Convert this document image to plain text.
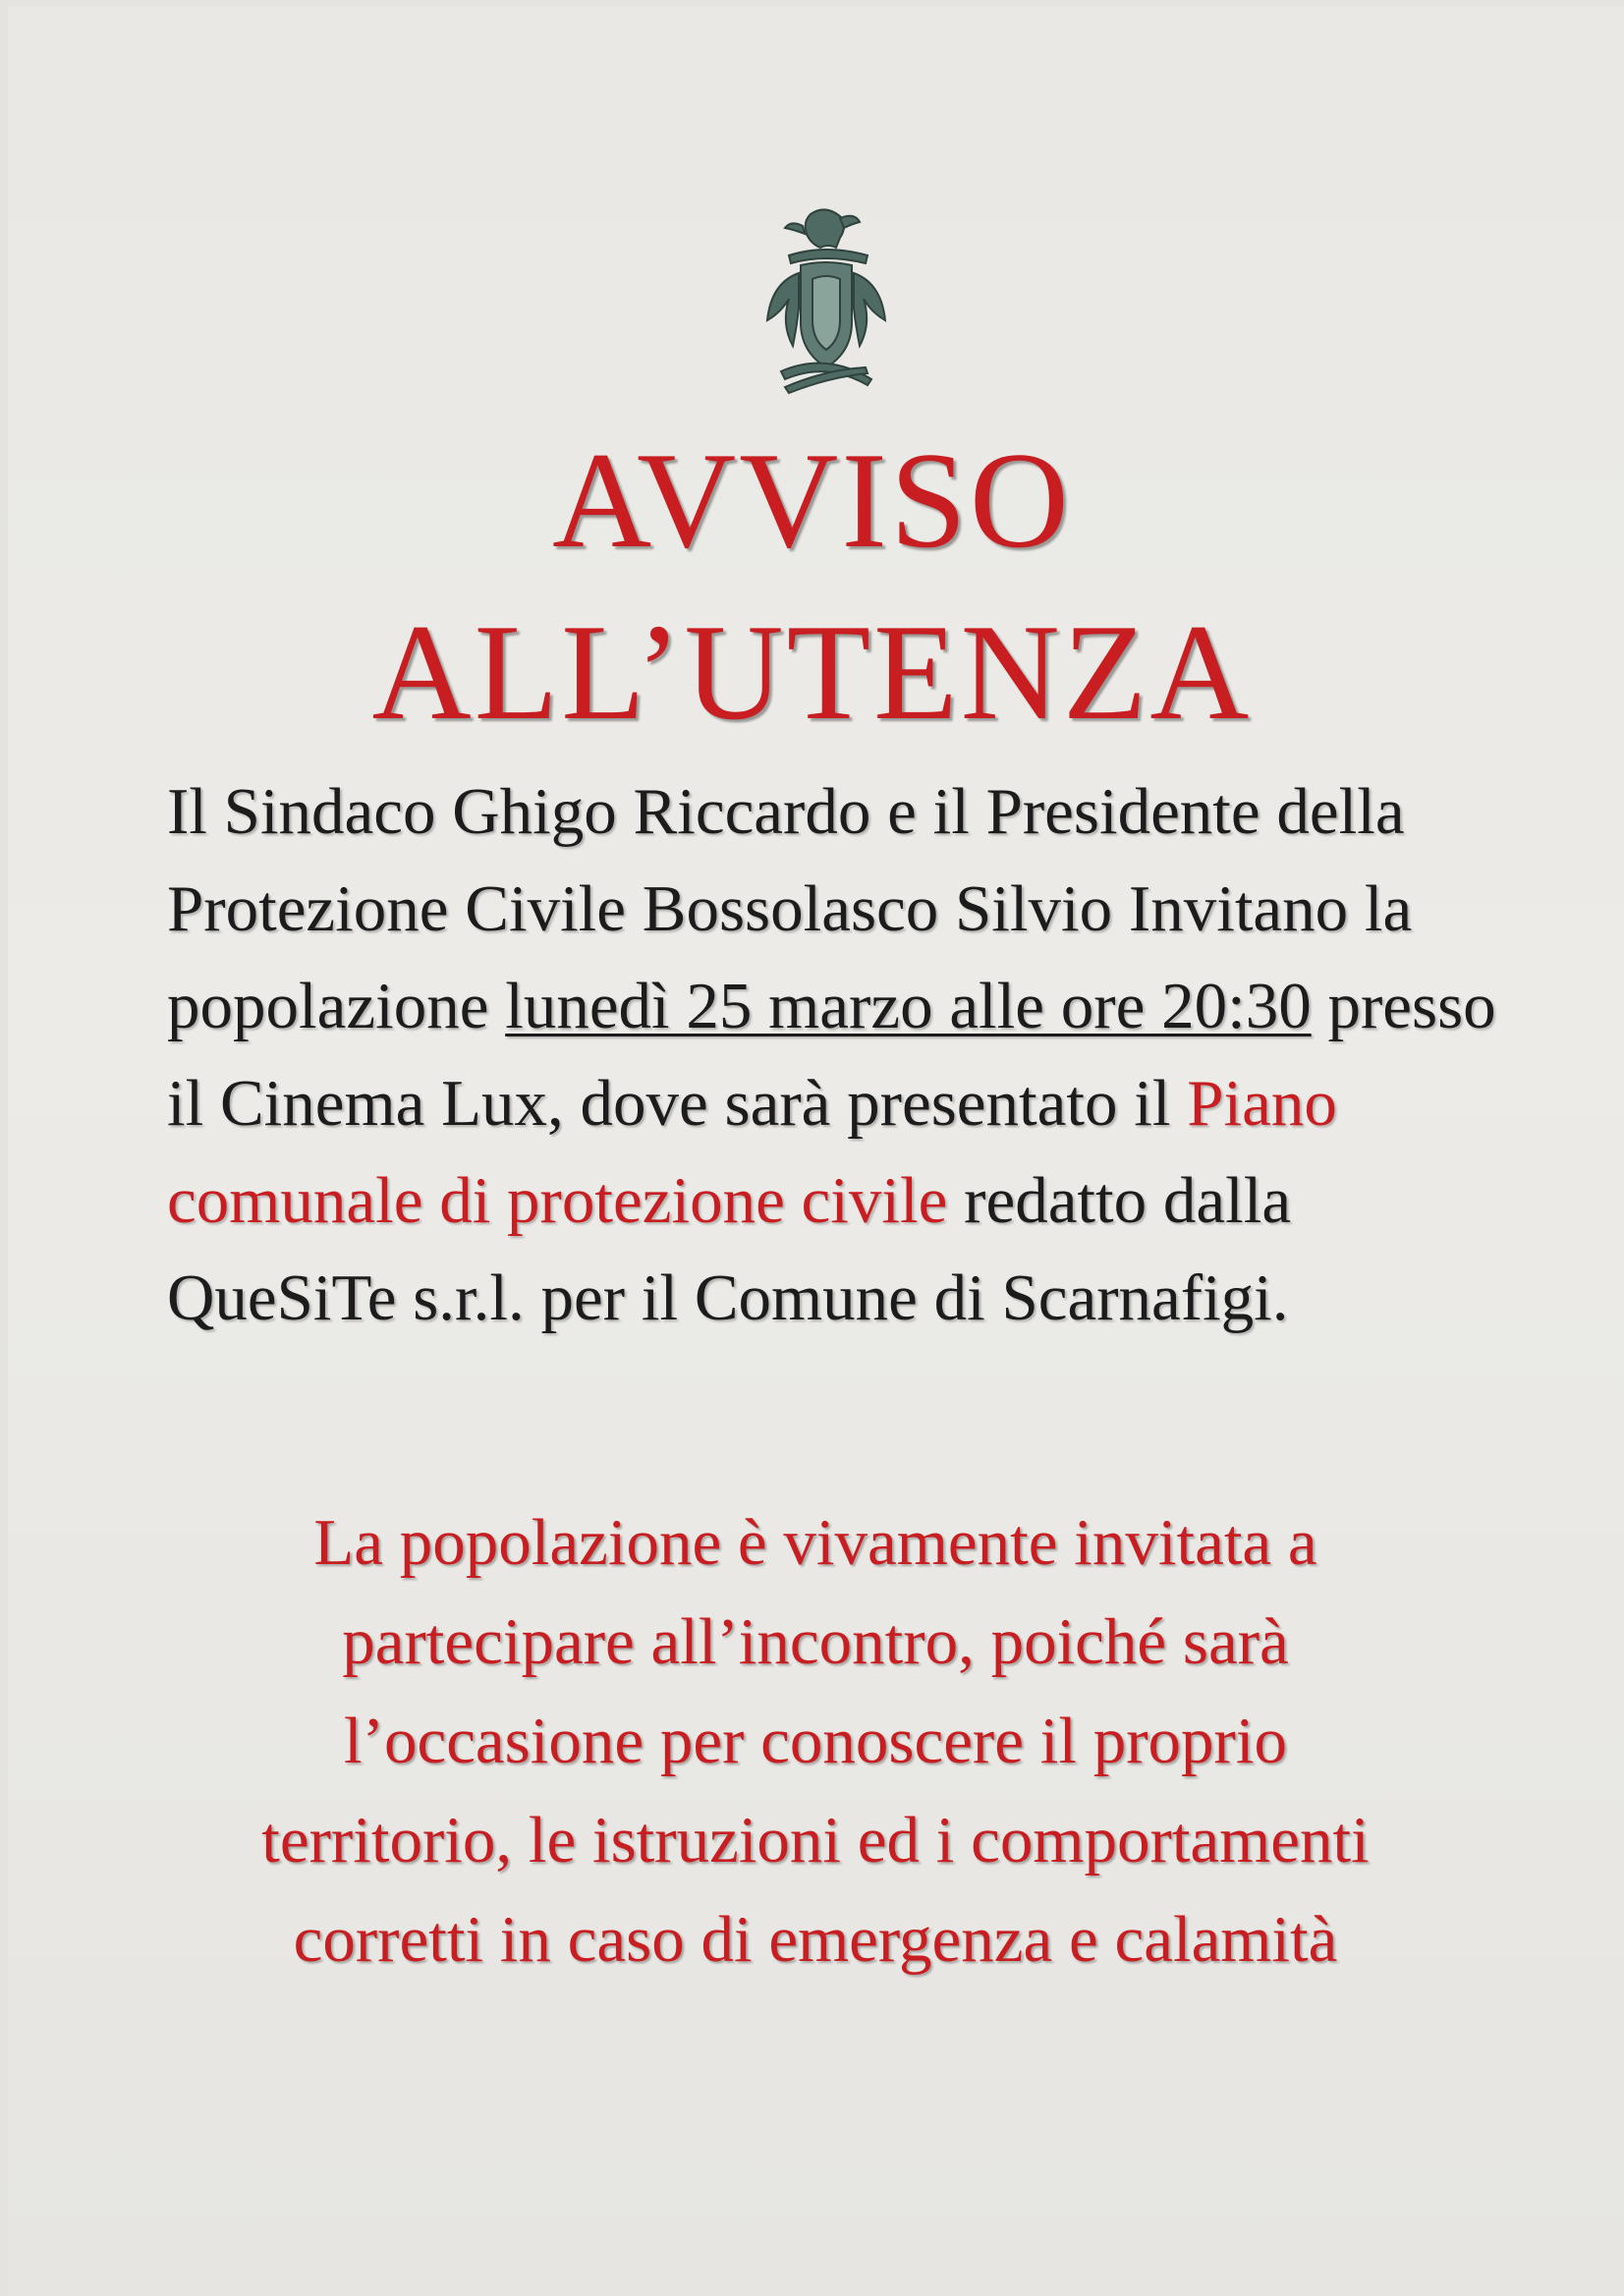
AVVISO
ALL’UTENZA
Il Sindaco Ghigo Riccardo e il Presidente della Protezione Civile Bossolasco Silvio Invitano la popolazione lunedì 25 marzo alle ore 20:30 presso il Cinema Lux, dove sarà presentato il Piano comunale di protezione civile redatto dalla QueSiTe s.r.l. per il Comune di Scarnafigi.
La popolazione è vivamente invitata a
partecipare all’incontro, poiché sarà
l’occasione per conoscere il proprio
territorio, le istruzioni ed i comportamenti
corretti in caso di emergenza e calamità
